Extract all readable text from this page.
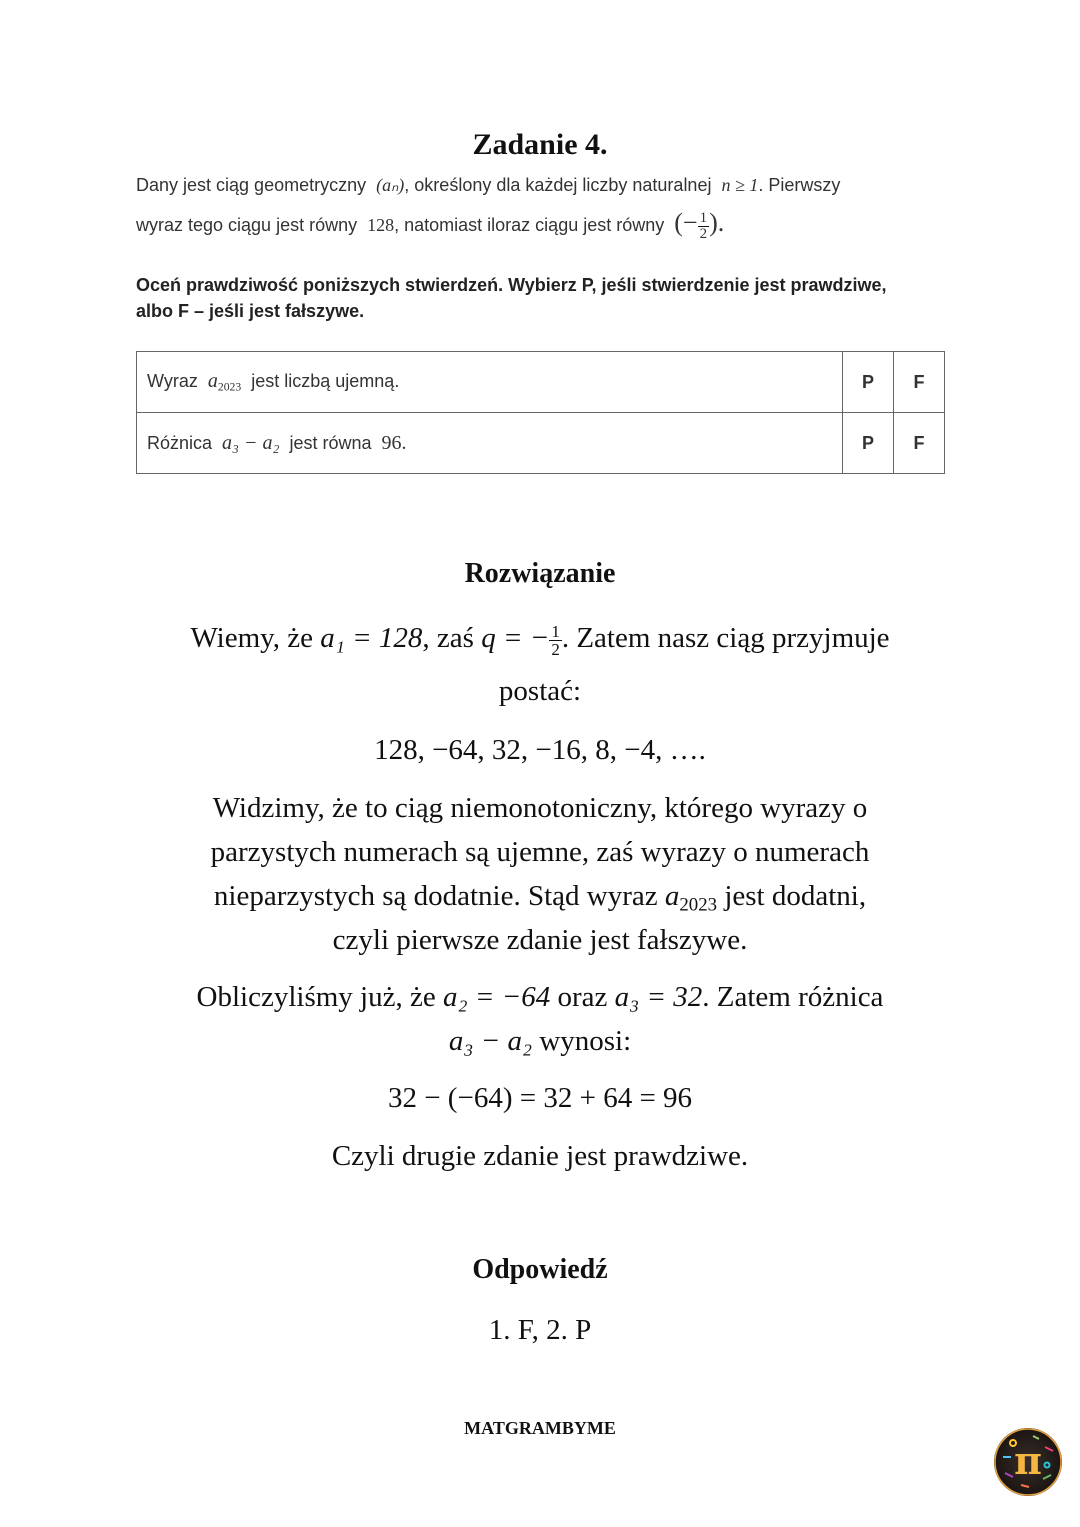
Zadanie 4.
Dany jest ciąg geometryczny (aₙ), określony dla każdej liczby naturalnej n ≥ 1. Pierwszy
wyraz tego ciągu jest równy 128, natomiast iloraz ciągu jest równy (− $\frac{1}{2}$ ).
Oceń prawdziwość poniższych stwierdzeń. Wybierz P, jeśli stwierdzenie jest prawdziwe, albo F – jeśli jest fałszywe.
Wyraz $a_{2023}$ jest liczbą ujemną.	P	F
Różnica a₃ − a₂ jest równa 96.	P	F
Rozwiązanie
Wiemy, że a₁ = 128, zaś q = − $\frac{1}{2}$ . Zatem nasz ciąg przyjmuje
postać:
128, −64, 32, −16, 8, −4, ….
Widzimy, że to ciąg niemonotoniczny, którego wyrazy o
parzystych numerach są ujemne, zaś wyrazy o numerach
nieparzystych są dodatnie. Stąd wyraz $a_{2023}$ jest dodatni,
czyli pierwsze zdanie jest fałszywe.
Obliczyliśmy już, że a₂ = −64 oraz a₃ = 32. Zatem różnica
a₃ − a₂ wynosi:
32 − (−64) = 32 + 64 = 96
Czyli drugie zdanie jest prawdziwe.
Odpowiedź
1. F, 2. P
MATGRAMBYME
π
